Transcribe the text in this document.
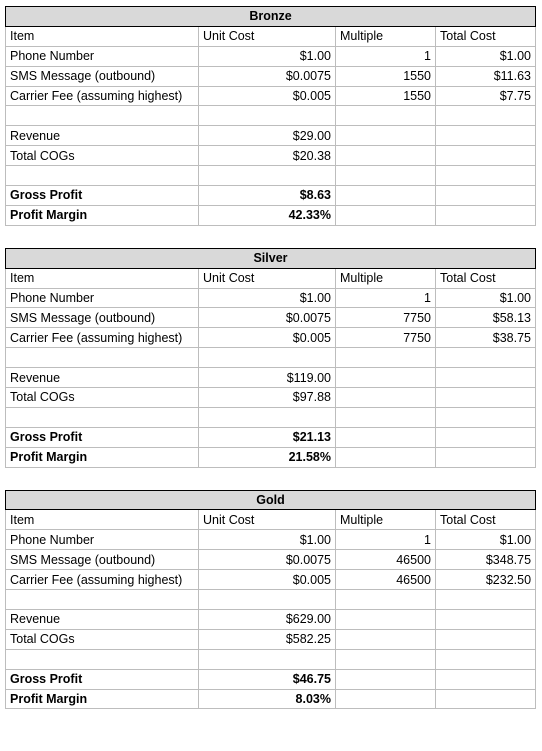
Bronze			
Item	Unit Cost	Multiple	Total Cost
Phone Number	$1.00	1	$1.00
SMS Message (outbound)	$0.0075	1550	$11.63
Carrier Fee (assuming highest)	$0.005	1550	$7.75

Revenue	$29.00		
Total COGs	$20.38		

Gross Profit	$8.63		
Profit Margin	42.33%		
Silver			
Item	Unit Cost	Multiple	Total Cost
Phone Number	$1.00	1	$1.00
SMS Message (outbound)	$0.0075	7750	$58.13
Carrier Fee (assuming highest)	$0.005	7750	$38.75

Revenue	$119.00		
Total COGs	$97.88		

Gross Profit	$21.13		
Profit Margin	21.58%		
Gold			
Item	Unit Cost	Multiple	Total Cost
Phone Number	$1.00	1	$1.00
SMS Message (outbound)	$0.0075	46500	$348.75
Carrier Fee (assuming highest)	$0.005	46500	$232.50

Revenue	$629.00		
Total COGs	$582.25		

Gross Profit	$46.75		
Profit Margin	8.03%		
